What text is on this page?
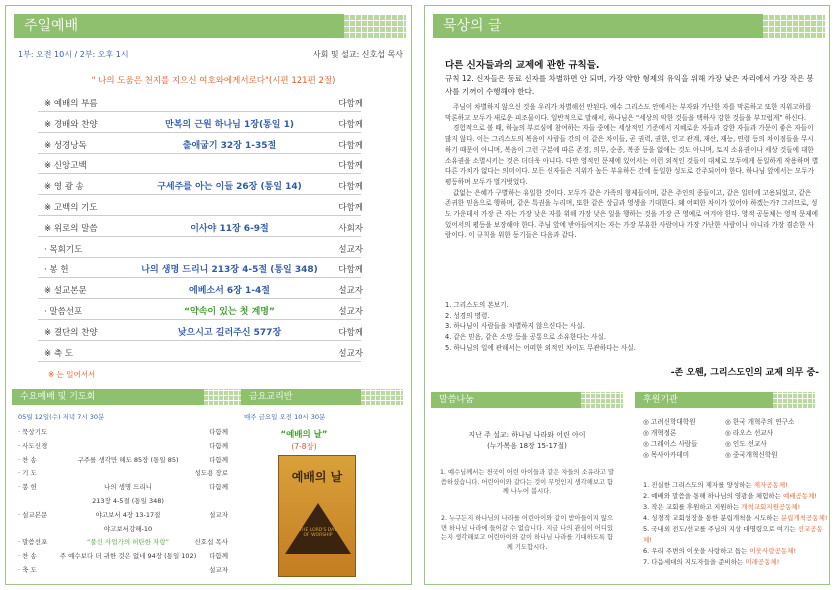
주일예배
1부: 오전 10시 / 2부: 오후 1시	사회 및 설교: 신호섭 목사
" 나의 도움은 천지를 지으신 여호와에게서로다"(시편 121편 2절)
※ 예배의 부름	다함께
※ 경배와 찬양	만복의 근원 하나님 1장(통일 1)	다함께
※ 성경낭독	출애굽기 32장 1-35절	다함께
※ 신앙고백	다함께
※ 영 광 송	구세주를 아는 이들 26장 (통일 14)	다함께
※ 고백의 기도	다함께
※ 위로의 말씀	이사야 11장 6-9절	사회자
· 목회기도	설교자
· 봉 헌	나의 생명 드리니 213장 4-5절 (통일 348)	다함께
※ 설교본문	에베소서 6장 1-4절	설교자
· 말씀선포	“약속이 있는 첫 계명”	설교자
※ 결단의 찬양	낮으시고 길러주신 577장	다함께
※ 축 도	설교자
※ 는 일어서서
수요예배 및 기도회
05월 12일(수) 저녁 7시 30분
· 묵상기도	다함께
· 사도신경	다함께
· 찬 송	구주를 생각만 해도 85장 (통일 85)	다함께
· 기 도	성도용 장로
· 봉 헌	나의 생명 드리니	다함께
213장 4-5절 (통일 348)
· 설교본문	야고보서 4장 13-17절	설교자
야고보서강해-10
· 말씀선포	“불신 사업가의 허탄한 자랑”	신호섭 목사
· 찬 송	주 예수보다 더 귀한 것은 없네 94장 (통일 102) 다함께
· 축 도	설교자
금요교리반
매주 금요일 오전 10시 30분
“예배의 날”
(7-8장)
예배의 날
THE LORD'S DAY OF WORSHIP
묵상의 글
다른 신자들과의 교제에 관한 규칙들.
규칙 12. 신자들은 동료 신자를 차별하면 안 되며, 가장 약한 형제의 유익을 위해 가장 낮은 자리에서 가장 작은 봉사를 기꺼이 수행해야 한다.

주님이 차별하지 않으신 것을 우리가 차별해선 안된다. 예수 그리스도 안에서는 부자와 가난한 자를 막론하고 또한 지위고하를 막론하고 모두가 새로운 피조물이다. 일반적으로 말해서, 하나님은 “세상의 악한 것들을 택하사 강한 것들을 부끄럽게” 하신다.

경험적으로 볼 때, 하늘의 부르심에 참여하는 자들 중에는 세상적인 기준에서 지혜로운 자들과 강한 자들과 가문이 좋은 자들이 많지 않다. 이는 그리스도의 복음이 사람들 간의 이 같은 차이들, 곧 권력, 권한, 인고 관계, 재산, 재능, 연령 등의 차이점들을 무시하기 때문이 아니며, 복음이 그런 구분에 따른 존경, 의무, 순종, 복종 등을 없애는 것도 아니며, 토지 소유권이나 세상 것들에 대한 소유권을 소멸시키는 것은 더더욱 아니다. 다만 영적인 문제에 있어서는 이런 외적인 것들이 대체로 모두에게 동일하게 작용하며 별다른 가치가 없다는 의미이다. 모든 신자들은 지위가 높든 부유하든 간에 동일한 성도로 간주되어야 한다. 하나님 앞에서는 모두가 평등하며 모두가 벌거벗었다.

값없는 은혜가 구별하는 유일한 것이다. 모두가 같은 가족의 형제들이며, 같은 주인의 종들이고, 같은 일터에 고용되었고, 같은 존귀한 믿음으로 행하며, 같은 특권을 누리며, 또한 같은 상급과 영생을 기대한다. 왜 어떠한 차이가 있어야 하겠는가? 그러므로, 성도 가운데서 가장 큰 자는 가장 낮은 자를 위해 가장 낮은 일을 행하는 것을 가장 큰 영예로 여겨야 한다. 영적 공동체는 영적 문제에 있어서의 평등을 보장해야 한다. 주님 앞에 받아들여지는 자는 가장 부유한 사람이나 가장 가난한 사람이나 아니라 가장 겸손한 사람이다. 이 규칙을 위한 동기들은 다음과 같다.

1. 그리스도의 본보기.
2. 성경의 명령.
3. 하나님이 사람들을 차별하지 않으신다는 사실.
4. 같은 믿음, 같은 소망 등을 공통으로 소유한다는 사실.
5. 하나님의 일에 관해서는 어떠한 외적인 차이도 무관하다는 사실.
-존 오웬, 그리스도인의 교제 의무 중-
말씀나눔
지난 주 설교: 하나님 나라와 어린 아이
(누가복음 18장 15-17절)
1. 예수님께서는 천국이 어린 아이들과 같은 자들의 소유라고 말씀하셨습니다. 어린아이와 같다는 것이 무엇인지 생각해보고 함께 나누어 봅시다.
2. 누구든지 하나님의 나라를 어린아이와 같이 받아들이지 않으면 하나님 나라에 들어갈 수 없습니다. 지금 나의 관심이 어디있는지 생각해보고 어린아이와 같이 하나님 나라를 기대하도록 함께 기도합시다.
후원기관
◎ 고려신학대학원	◎ 한국 개혁주의 연구소
◎ 개혁정론	◎ 라오스 선교사
◎ 그레이스 사람들	◎ 인도 선교사
◎ 목사아카데미	◎ 중국개혁신학원
1. 진실한 그리스도의 제자를 양성하는 제자공동체!
2. 예배와 말씀을 통해 하나님의 영광을 체험하는 예배공동체!
3. 작은 교회를 후원하고 지원하는 개척교회지원공동체!
4. 성경적 교회성장을 통한 분립개척을 시도하는 분립개척공동체!
5. 국내외 전도/선교를 주님의 지상 대명령으로 여기는 선교공동체!
6. 우리 주변의 이웃을 사랑하고 돕는 이웃사랑공동체!
7. 다음세대의 지도자들을 준비하는 미래공동체!
